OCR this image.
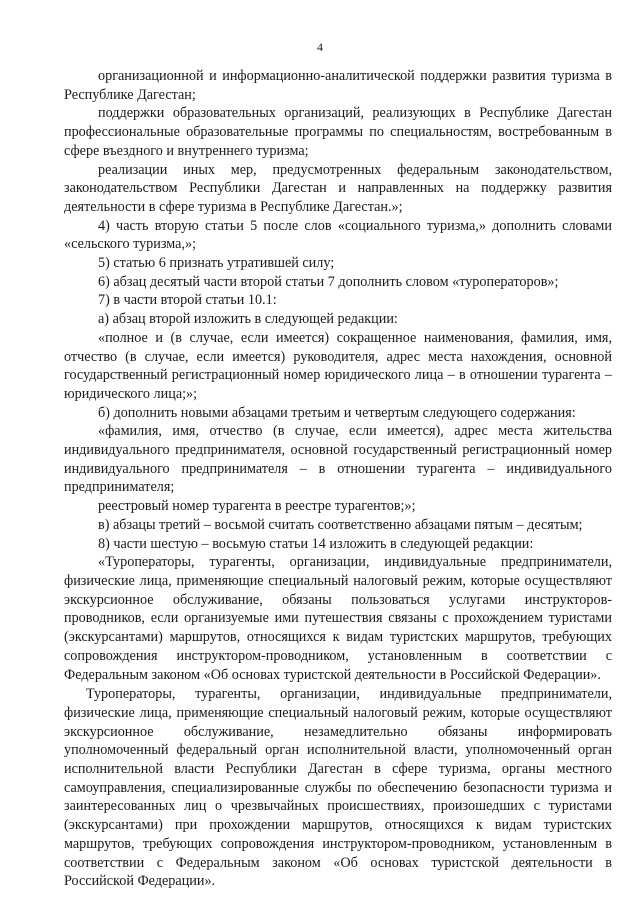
4

организационной и информационно-аналитической поддержки развития туризма в Республике Дагестан;

поддержки образовательных организаций, реализующих в Республике Дагестан профессиональные образовательные программы по специальностям, востребованным в сфере въездного и внутреннего туризма;

реализации иных мер, предусмотренных федеральным законодательством, законодательством Республики Дагестан и направленных на поддержку развития деятельности в сфере туризма в Республике Дагестан.»;

4) часть вторую статьи 5 после слов «социального туризма,» дополнить словами «сельского туризма,»;

5) статью 6 признать утратившей силу;

6) абзац десятый части второй статьи 7 дополнить словом «туроператоров»;

7) в части второй статьи 10.1:

а) абзац второй изложить в следующей редакции:

«полное и (в случае, если имеется) сокращенное наименования, фамилия, имя, отчество (в случае, если имеется) руководителя, адрес места нахождения, основной государственный регистрационный номер юридического лица – в отношении турагента – юридического лица;»;

б) дополнить новыми абзацами третьим и четвертым следующего содержания:

«фамилия, имя, отчество (в случае, если имеется), адрес места жительства индивидуального предпринимателя, основной государственный регистрационный номер индивидуального предпринимателя – в отношении турагента – индивидуального предпринимателя;

реестровый номер турагента в реестре турагентов;»;

в) абзацы третий – восьмой считать соответственно абзацами пятым – десятым;

8) части шестую – восьмую статьи 14 изложить в следующей редакции:

«Туроператоры, турагенты, организации, индивидуальные предприниматели, физические лица, применяющие специальный налоговый режим, которые осуществляют экскурсионное обслуживание, обязаны пользоваться услугами инструкторов-проводников, если организуемые ими путешествия связаны с прохождением туристами (экскурсантами) маршрутов, относящихся к видам туристских маршрутов, требующих сопровождения инструктором-проводником, установленным в соответствии с Федеральным законом «Об основах туристской деятельности в Российской Федерации».

Туроператоры, турагенты, организации, индивидуальные предприниматели, физические лица, применяющие специальный налоговый режим, которые осуществляют экскурсионное обслуживание, незамедлительно обязаны информировать уполномоченный федеральный орган исполнительной власти, уполномоченный орган исполнительной власти Республики Дагестан в сфере туризма, органы местного самоуправления, специализированные службы по обеспечению безопасности туризма и заинтересованных лиц о чрезвычайных происшествиях, произошедших с туристами (экскурсантами) при прохождении маршрутов, относящихся к видам туристских маршрутов, требующих сопровождения инструктором-проводником, установленным в соответствии с Федеральным законом «Об основах туристской деятельности в Российской Федерации».
